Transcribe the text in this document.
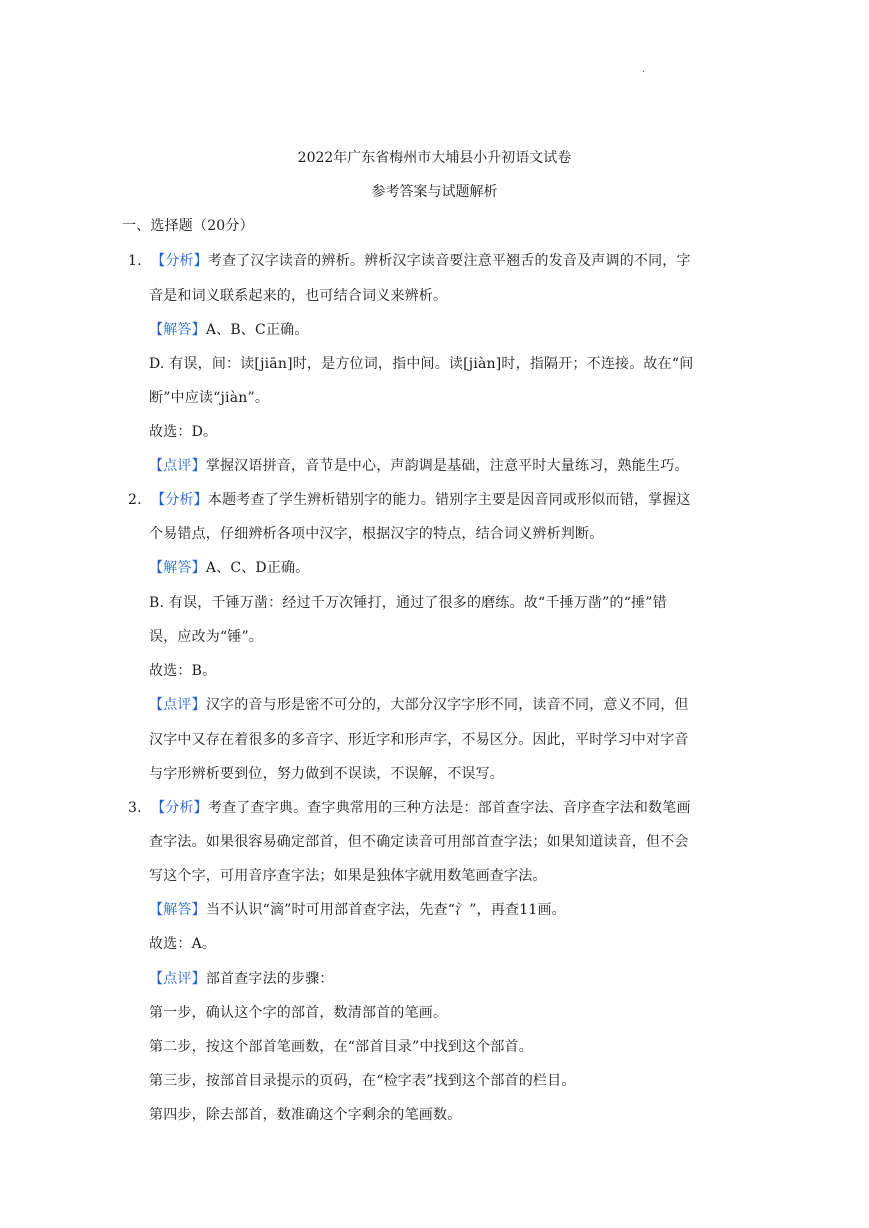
.
2022年广东省梅州市大埔县小升初语文试卷
参考答案与试题解析
一、选择题（20分）
1. 【分析】考查了汉字读音的辨析。辨析汉字读音要注意平翘舌的发音及声调的不同，字
音是和词义联系起来的，也可结合词义来辨析。
【解答】A、B、C正确。
D. 有误，间：读[jiān]时，是方位词，指中间。读[jiàn]时，指隔开；不连接。故在“间
断”中应读“jiàn”。
故选：D。
【点评】掌握汉语拼音，音节是中心，声韵调是基础，注意平时大量练习，熟能生巧。
2. 【分析】本题考查了学生辨析错别字的能力。错别字主要是因音同或形似而错，掌握这
个易错点，仔细辨析各项中汉字，根据汉字的特点，结合词义辨析判断。
【解答】A、C、D正确。
B. 有误，千锤万凿：经过千万次锤打，通过了很多的磨练。故“千捶万凿”的“捶”错
误，应改为“锤”。
故选：B。
【点评】汉字的音与形是密不可分的，大部分汉字字形不同，读音不同，意义不同，但
汉字中又存在着很多的多音字、形近字和形声字，不易区分。因此，平时学习中对字音
与字形辨析要到位，努力做到不误读，不误解，不误写。
3. 【分析】考查了查字典。查字典常用的三种方法是：部首查字法、音序查字法和数笔画
查字法。如果很容易确定部首，但不确定读音可用部首查字法；如果知道读音，但不会
写这个字，可用音序查字法；如果是独体字就用数笔画查字法。
【解答】当不认识“滴”时可用部首查字法，先查“氵”，再查11画。
故选：A。
【点评】部首查字法的步骤：
第一步，确认这个字的部首，数清部首的笔画。
第二步，按这个部首笔画数，在“部首目录”中找到这个部首。
第三步，按部首目录提示的页码，在“检字表”找到这个部首的栏目。
第四步，除去部首，数准确这个字剩余的笔画数。
